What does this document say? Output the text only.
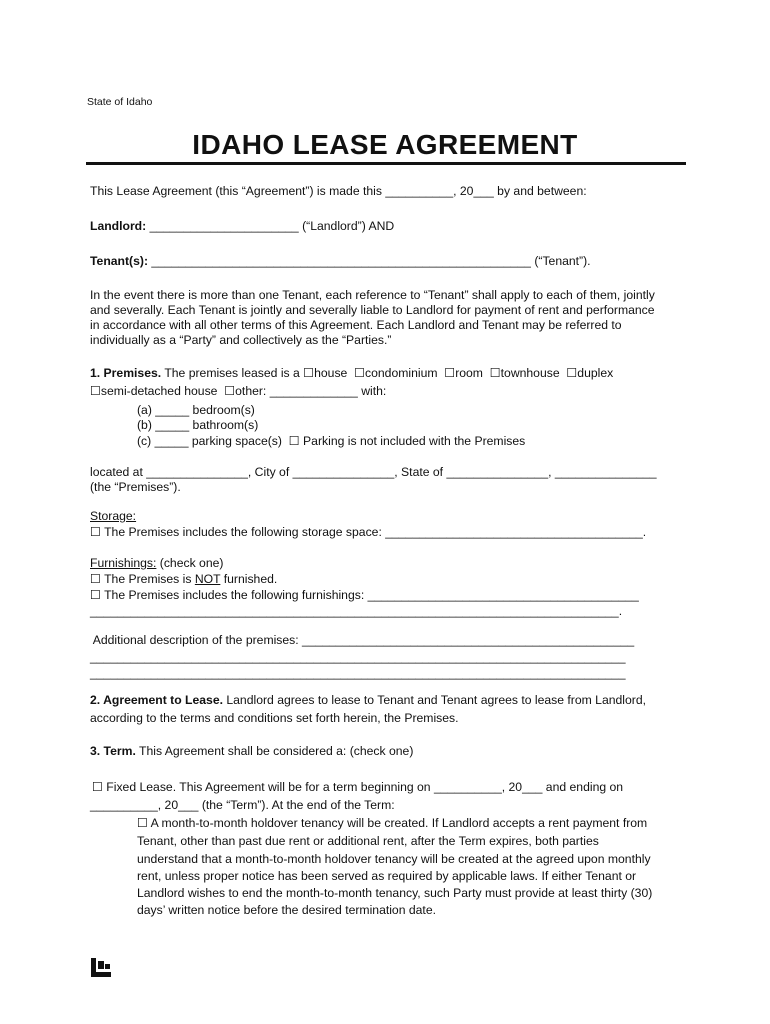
State of Idaho
IDAHO LEASE AGREEMENT
This Lease Agreement (this “Agreement”) is made this __________, 20___ by and between:
Landlord: ______________________ (“Landlord”) AND
Tenant(s): ________________________________________________________ (“Tenant”).
In the event there is more than one Tenant, each reference to “Tenant” shall apply to each of them, jointly
and severally. Each Tenant is jointly and severally liable to Landlord for payment of rent and performance
in accordance with all other terms of this Agreement. Each Landlord and Tenant may be referred to
individually as a “Party” and collectively as the “Parties.”
1. Premises. The premises leased is a ☐house  ☐condominium  ☐room  ☐townhouse  ☐duplex
☐semi-detached house  ☐other: _____________ with:
(a) _____ bedroom(s)
(b) _____ bathroom(s)
(c) _____ parking space(s)  ☐ Parking is not included with the Premises
located at _______________, City of _______________, State of _______________, _______________
(the “Premises”).
Storage:
☐ The Premises includes the following storage space: ______________________________________.
Furnishings: (check one)
☐ The Premises is NOT furnished.
☐ The Premises includes the following furnishings: ________________________________________
______________________________________________________________________________.
Additional description of the premises: _________________________________________________
_______________________________________________________________________________
_______________________________________________________________________________
2. Agreement to Lease. Landlord agrees to lease to Tenant and Tenant agrees to lease from Landlord,
according to the terms and conditions set forth herein, the Premises.
3. Term. This Agreement shall be considered a: (check one)
☐ Fixed Lease. This Agreement will be for a term beginning on __________, 20___ and ending on
__________, 20___ (the “Term”). At the end of the Term:
☐ A month-to-month holdover tenancy will be created. If Landlord accepts a rent payment from
Tenant, other than past due rent or additional rent, after the Term expires, both parties
understand that a month-to-month holdover tenancy will be created at the agreed upon monthly
rent, unless proper notice has been served as required by applicable laws. If either Tenant or
Landlord wishes to end the month-to-month tenancy, such Party must provide at least thirty (30)
days’ written notice before the desired termination date.
